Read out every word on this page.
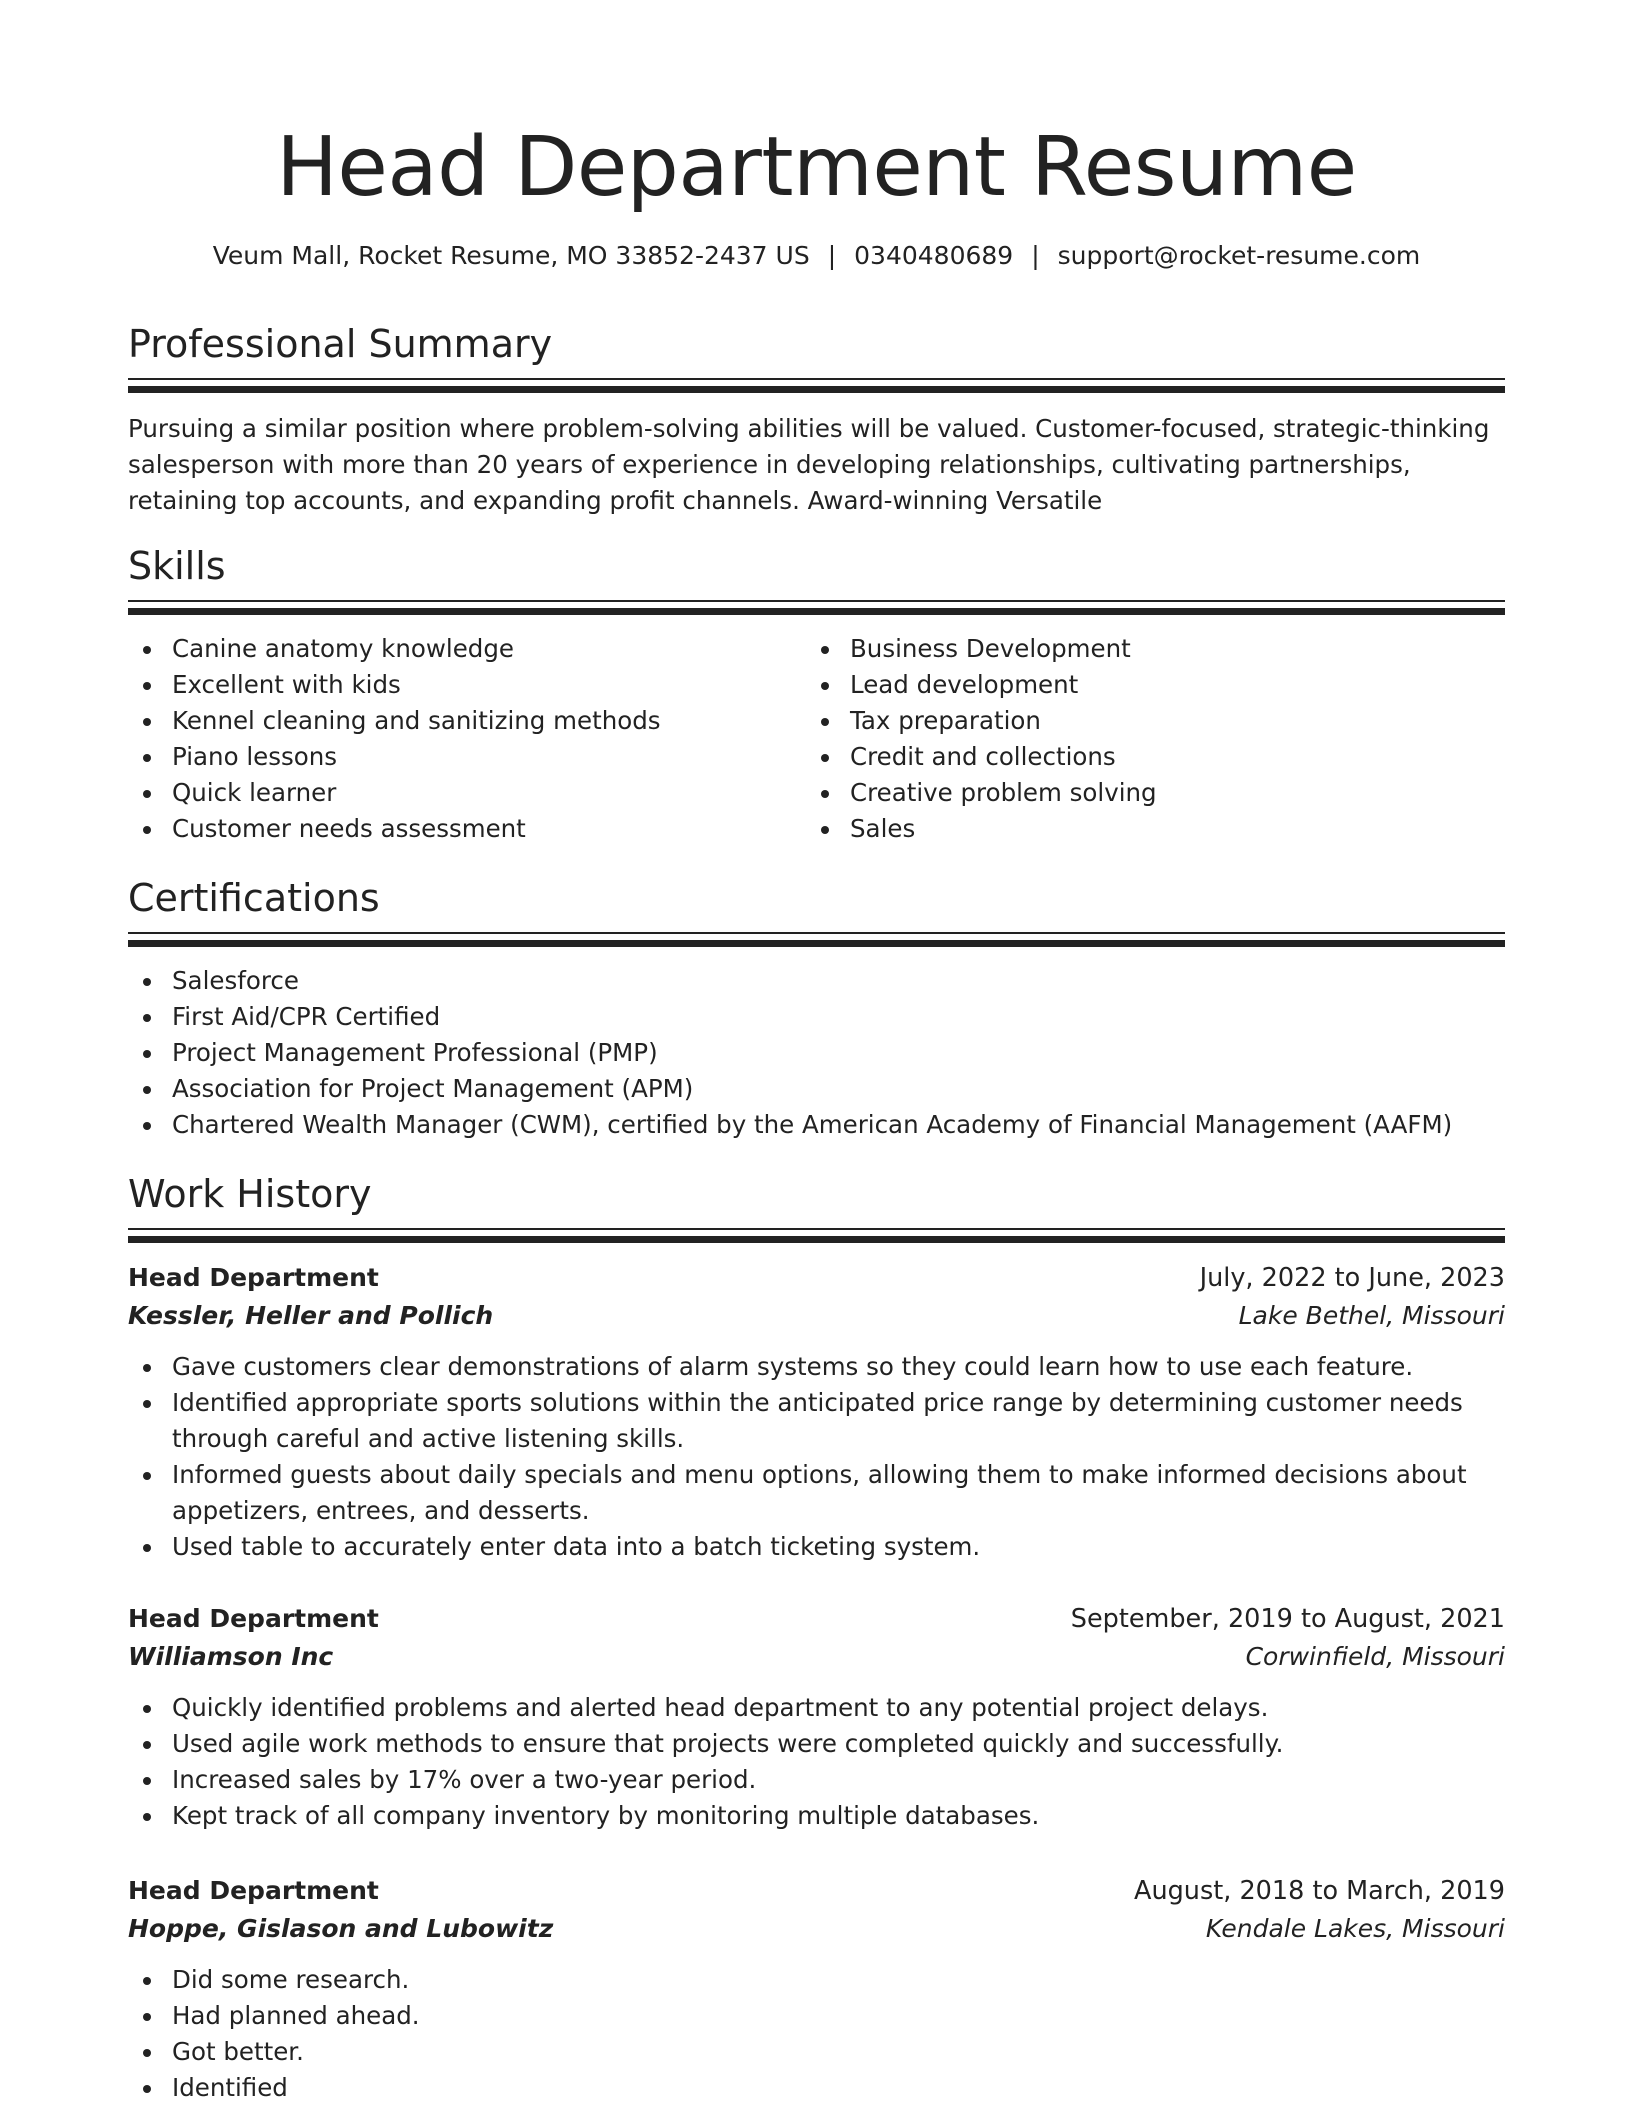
Head Department Resume
Veum Mall, Rocket Resume, MO 33852-2437 US | 0340480689 | support@rocket-resume.com
Professional Summary

Pursuing a similar position where problem-solving abilities will be valued. Customer-focused, strategic-thinking salesperson with more than 20 years of experience in developing relationships, cultivating partnerships, retaining top accounts, and expanding profit channels. Award-winning Versatile

Skills
Canine anatomy knowledge
Excellent with kids
Kennel cleaning and sanitizing methods
Piano lessons
Quick learner
Customer needs assessment
Business Development
Lead development
Tax preparation
Credit and collections
Creative problem solving
Sales
Certifications
Salesforce
First Aid/CPR Certified
Project Management Professional (PMP)
Association for Project Management (APM)
Chartered Wealth Manager (CWM), certified by the American Academy of Financial Management (AAFM)
Work History
Head Department	July, 2022 to June, 2023
Kessler, Heller and Pollich	Lake Bethel, Missouri
Gave customers clear demonstrations of alarm systems so they could learn how to use each feature.
Identified appropriate sports solutions within the anticipated price range by determining customer needs through careful and active listening skills.
Informed guests about daily specials and menu options, allowing them to make informed decisions about appetizers, entrees, and desserts.
Used table to accurately enter data into a batch ticketing system.
Head Department	September, 2019 to August, 2021
Williamson Inc	Corwinfield, Missouri
Quickly identified problems and alerted head department to any potential project delays.
Used agile work methods to ensure that projects were completed quickly and successfully.
Increased sales by 17% over a two-year period.
Kept track of all company inventory by monitoring multiple databases.
Head Department	August, 2018 to March, 2019
Hoppe, Gislason and Lubowitz	Kendale Lakes, Missouri
Did some research.
Had planned ahead.
Got better.
Identified
